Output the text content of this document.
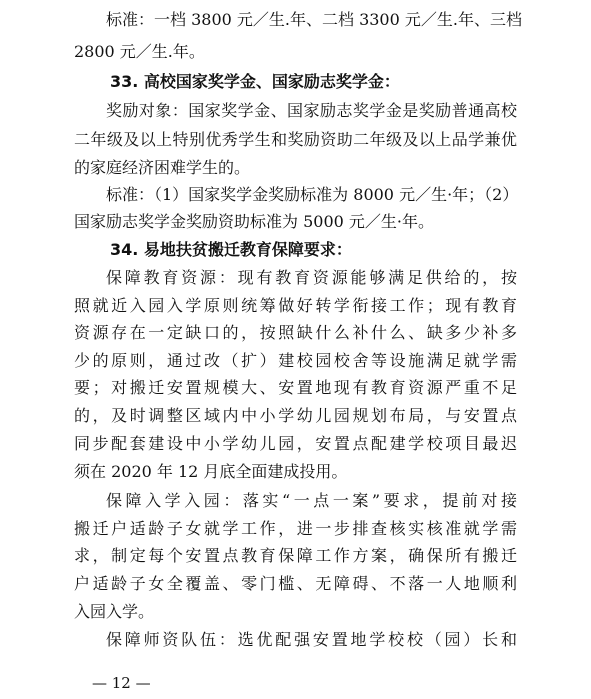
标准：一档 3800 元／生.年、二档 3300 元／生.年、三档
2800 元／生.年。
33. 高校国家奖学金、国家励志奖学金：
奖励对象：国家奖学金、国家励志奖学金是奖励普通高校
二年级及以上特别优秀学生和奖励资助二年级及以上品学兼优
的家庭经济困难学生的。
标准：（1）国家奖学金奖励标准为 8000 元／生·年；（2）
国家励志奖学金奖励资助标准为 5000 元／生·年。
34. 易地扶贫搬迁教育保障要求：
保障教育资源：现有教育资源能够满足供给的，按
照就近入园入学原则统筹做好转学衔接工作；现有教育
资源存在一定缺口的，按照缺什么补什么、缺多少补多
少的原则，通过改（扩）建校园校舍等设施满足就学需
要；对搬迁安置规模大、安置地现有教育资源严重不足
的，及时调整区域内中小学幼儿园规划布局，与安置点
同步配套建设中小学幼儿园，安置点配建学校项目最迟
须在 2020 年 12 月底全面建成投用。
保障入学入园：落实“一点一案”要求，提前对接
搬迁户适龄子女就学工作，进一步排查核实核准就学需
求，制定每个安置点教育保障工作方案，确保所有搬迁
户适龄子女全覆盖、零门槛、无障碍、不落一人地顺利
入园入学。
保障师资队伍：选优配强安置地学校校（园）长和
— 12 —
